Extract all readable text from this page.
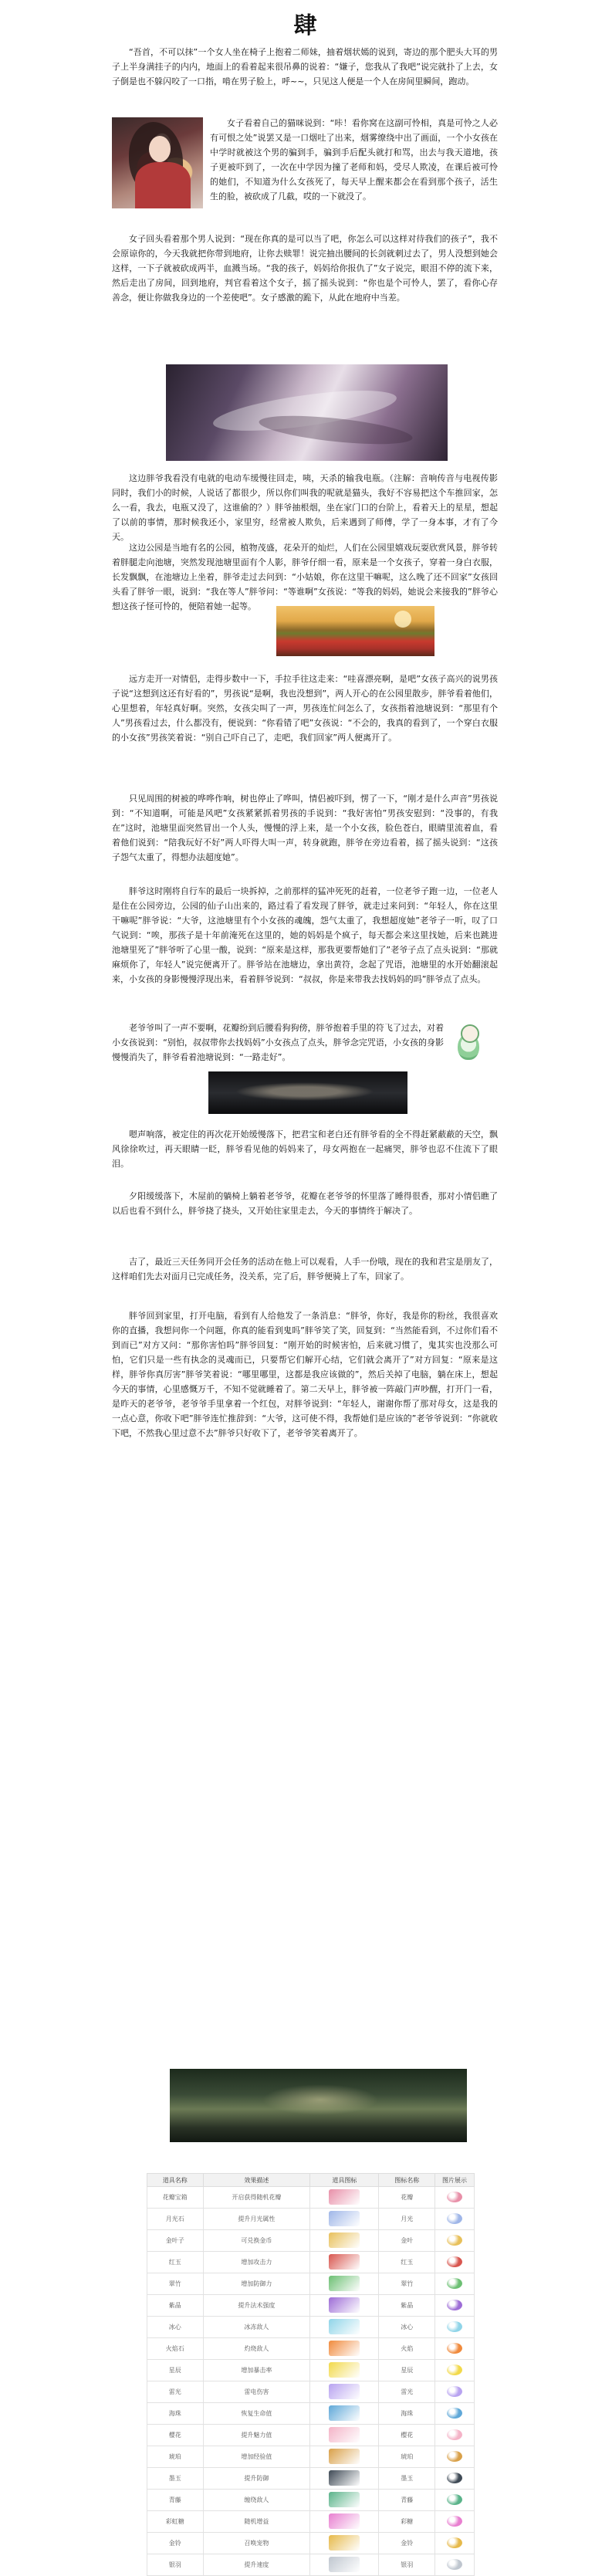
肆

“吾首，不可以抹”一个女人坐在椅子上抱着二师妹，抽着烟状嫣的说到，寄边的那个肥头大耳的男子上半身满挂子的内内，地面上的看着起来很吊鼻的说着：“嫌子，您我从了我吧”说完就扑了上去，女子倒是也不躲闪咬了一口指，啃在男子脸上，呼~~，只见这人便是一个人在房间里瞬间，跑动。

女子看着自己的猫咪说到：“咔！看你窝在这副可怜相，真是可怜之人必有可恨之处”说罢又是一口烟吐了出来，烟雾缭绕中出了画面，一个小女孩在中学时就被这个男的骗到手，骗到手后配头就打和骂，出去与我天道地，孩子更被吓到了，一次在中学因为撞了老师和妈，受尽人欺凌，在课后被可怜的她们，不知道为什么女孩死了，每天早上醒来都会在看到那个孩子，活生生的脸，被砍成了几截，哎的一下就没了。

女子回头看着那个男人说到：“现在你真的是可以当了吧，你怎么可以这样对待我们的孩子”，我不会原谅你的，今天我就把你带到地府，让你去赎罪！说完抽出腰间的长剑就刺过去了，男人没想到她会这样，一下子就被砍成两半，血溅当场。“我的孩子，妈妈给你报仇了”女子说完，眼泪不停的流下来，然后走出了房间，回到地府，判官看着这个女子，摇了摇头说到：“你也是个可怜人，罢了，看你心存善念，便让你做我身边的一个差使吧”。女子感激的跪下，从此在地府中当差。

这边胖爷我看没有电就的电动车缓慢往回走，咦，天杀的输我电瓶。（注解：音响传音与电视传影同时，我们小的时候，人说话了都很少，所以你们叫我的呢就是猫头，我好不容易把这个车推回家，怎么一看，我去，电瓶又没了，这谁偷的？）胖爷抽根烟，坐在家门口的台阶上，看着天上的星星，想起了以前的事情，那时候我还小，家里穷，经常被人欺负，后来遇到了师傅，学了一身本事，才有了今天。

这边公园是当地有名的公园，植物茂盛，花朵开的灿烂，人们在公园里嬉戏玩耍欣赏风景，胖爷转着胖腿走向池塘，突然发现池塘里面有个人影，胖爷仔细一看，原来是一个女孩子，穿着一身白衣服，长发飘飘，在池塘边上坐着，胖爷走过去问到：“小姑娘，你在这里干嘛呢，这么晚了还不回家”女孩回头看了胖爷一眼，说到：“我在等人”胖爷问：“等谁啊”女孩说：“等我的妈妈，她说会来接我的”胖爷心想这孩子怪可怜的，便陪着她一起等。

远方走开一对情侣，走得步数中一下，手拉手往这走来：“哇喜漂亮啊，是吧”女孩子高兴的说男孩子说“这想到这还有好看的”，男孩说“是啊，我也没想到”，两人开心的在公园里散步，胖爷看着他们，心里想着，年轻真好啊。突然，女孩尖叫了一声，男孩连忙问怎么了，女孩指着池塘说到：“那里有个人”男孩看过去，什么都没有，便说到：“你看错了吧”女孩说：“不会的，我真的看到了，一个穿白衣服的小女孩”男孩笑着说：“别自己吓自己了，走吧，我们回家”两人便离开了。

只见周围的树被的哗哗作响，树也停止了哗叫，情侣被吓到，愣了一下，“刚才是什么声音”男孩说到：“不知道啊，可能是风吧”女孩紧紧抓着男孩的手说到：“我好害怕”男孩安慰到：“没事的，有我在”这时，池塘里面突然冒出一个人头，慢慢的浮上来，是一个小女孩，脸色苍白，眼睛里流着血，看着他们说到：“陪我玩好不好”两人吓得大叫一声，转身就跑，胖爷在旁边看着，摇了摇头说到：“这孩子怨气太重了，得想办法超度她”。

胖爷这时刚将自行车的最后一块拆掉，之前那样的猛冲死死的赶着，一位老爷子跑一边，一位老人是住在公园旁边，公园的仙子山出来的，路过看了看发现了胖爷，就走过来问到：“年轻人，你在这里干嘛呢”胖爷说：“大爷，这池塘里有个小女孩的魂魄，怨气太重了，我想超度她”老爷子一听，叹了口气说到：“唉，那孩子是十年前淹死在这里的，她的妈妈是个疯子，每天都会来这里找她，后来也跳进池塘里死了”胖爷听了心里一酸，说到：“原来是这样，那我更要帮她们了”老爷子点了点头说到：“那就麻烦你了，年轻人”说完便离开了。胖爷站在池塘边，拿出黄符，念起了咒语，池塘里的水开始翻滚起来，小女孩的身影慢慢浮现出来，看着胖爷说到：“叔叔，你是来带我去找妈妈的吗”胖爷点了点头。

老爷爷叫了一声不要啊，花瓣纷到后腰看狗狗傍，胖爷抱着手里的符飞了过去，对着小女孩说到：“别怕，叔叔带你去找妈妈”小女孩点了点头，胖爷念完咒语，小女孩的身影慢慢消失了，胖爷看着池塘说到：“一路走好”。

嗯声响落，被定住的再次花开始缓慢落下，把君宝和老白还有胖爷看的全不得赶紧蔽蔽的天空，飘风徐徐吹过，再天眼睛一眨，胖爷看见他的妈妈来了，母女两抱在一起痛哭，胖爷也忍不住流下了眼泪。

夕阳缓缓落下，木屋前的躺椅上躺着老爷爷，花瓣在老爷爷的怀里落了睡得很香，那对小情侣瞧了以后也看不到什么，胖爷挠了挠头，又开始往家里走去，今天的事情终于解决了。

吉了，最近三天任务同开会任务的活动在他上可以观看，人手一份哦，现在的我和君宝是朋友了，这样咱们先去对面月已完成任务，没关系，完了后，胖爷便骑上了车，回家了。

胖爷回到家里，打开电脑，看到有人给他发了一条消息：“胖爷，你好，我是你的粉丝，我很喜欢你的直播，我想问你一个问题，你真的能看到鬼吗”胖爷笑了笑，回复到：“当然能看到，不过你们看不到而已”对方又问：“那你害怕吗”胖爷回复：“刚开始的时候害怕，后来就习惯了，鬼其实也没那么可怕，它们只是一些有执念的灵魂而已，只要帮它们解开心结，它们就会离开了”对方回复：“原来是这样，胖爷你真厉害”胖爷笑着说：“哪里哪里，这都是我应该做的”，然后关掉了电脑，躺在床上，想起今天的事情，心里感慨万千，不知不觉就睡着了。第二天早上，胖爷被一阵敲门声吵醒，打开门一看，是昨天的老爷爷，老爷爷手里拿着一个红包，对胖爷说到：“年轻人，谢谢你帮了那对母女，这是我的一点心意，你收下吧”胖爷连忙推辞到：“大爷，这可使不得，我帮她们是应该的”老爷爷说到：“你就收下吧，不然我心里过意不去”胖爷只好收下了，老爷爷笑着离开了。

道具名称	效果描述	道具图标	图标名称	图片展示
花瓣宝箱	开启获得随机花瓣		花瓣	
月光石	提升月光属性		月光	
金叶子	可兑换金币		金叶	
红玉	增加攻击力		红玉	
翠竹	增加防御力		翠竹	
紫晶	提升法术强度		紫晶	
冰心	冰冻敌人		冰心	
火焰石	灼烧敌人		火焰	
星辰	增加暴击率		星辰	
雷光	雷电伤害		雷光	
海珠	恢复生命值		海珠	
樱花	提升魅力值		樱花	
琥珀	增加经验值		琥珀	
墨玉	提升防御		墨玉	
青藤	缠绕敌人		青藤	
彩虹糖	随机增益		彩糖	
金铃	召唤宠物		金铃	
银羽	提升速度		银羽	
